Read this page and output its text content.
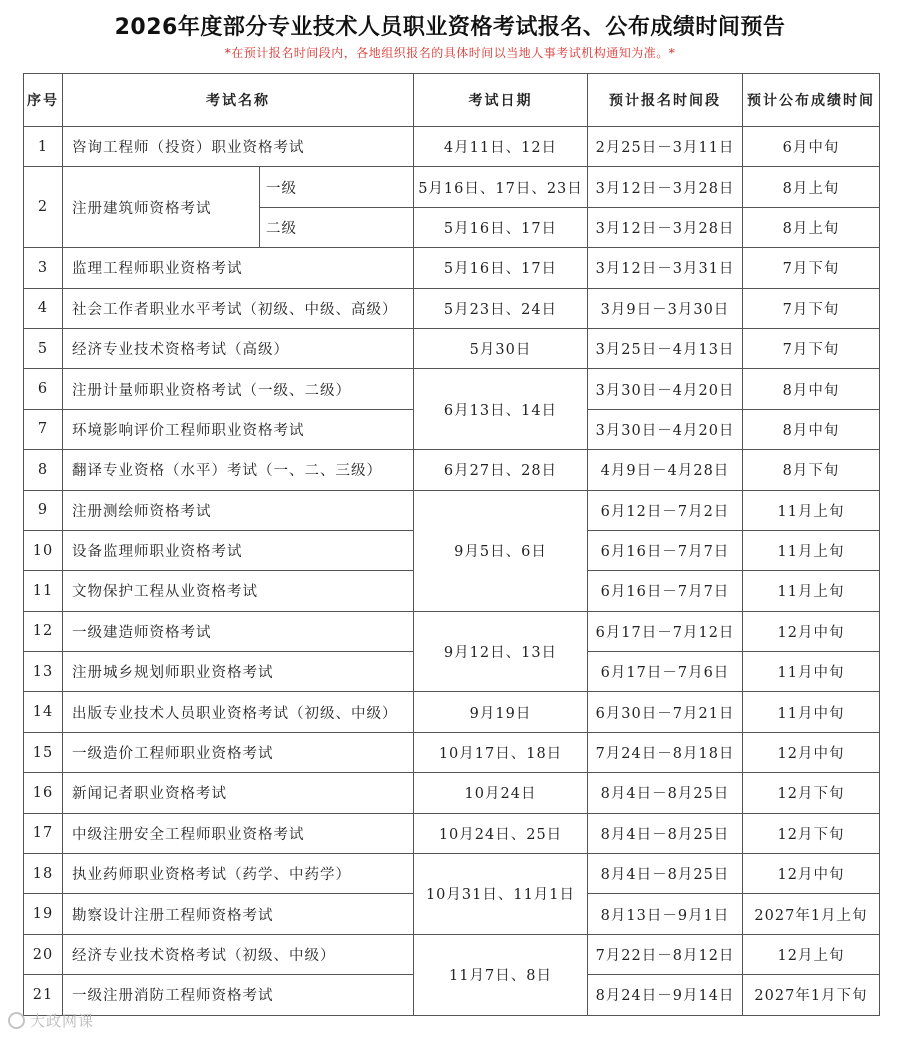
2026年度部分专业技术人员职业资格考试报名、公布成绩时间预告
*在预计报名时间段内，各地组织报名的具体时间以当地人事考试机构通知为准。*
序号	考试名称		考试日期	预计报名时间段	预计公布成绩时间
1	咨询工程师（投资）职业资格考试		4月11日、12日	2月25日－3月11日	6月中旬
2	注册建筑师资格考试	一级	5月16日、17日、23日	3月12日－3月28日	8月上旬
		二级	5月16日、17日	3月12日－3月28日	8月上旬
3	监理工程师职业资格考试		5月16日、17日	3月12日－3月31日	7月下旬
4	社会工作者职业水平考试（初级、中级、高级）		5月23日、24日	3月9日－3月30日	7月下旬
5	经济专业技术资格考试（高级）		5月30日	3月25日－4月13日	7月下旬
6	注册计量师职业资格考试（一级、二级）		6月13日、14日	3月30日－4月20日	8月中旬
7	环境影响评价工程师职业资格考试			3月30日－4月20日	8月中旬
8	翻译专业资格（水平）考试（一、二、三级）		6月27日、28日	4月9日－4月28日	8月下旬
9	注册测绘师资格考试		9月5日、6日	6月12日－7月2日	11月上旬
10	设备监理师职业资格考试			6月16日－7月7日	11月上旬
11	文物保护工程从业资格考试			6月16日－7月7日	11月上旬
12	一级建造师资格考试		9月12日、13日	6月17日－7月12日	12月中旬
13	注册城乡规划师职业资格考试			6月17日－7月6日	11月中旬
14	出版专业技术人员职业资格考试（初级、中级）		9月19日	6月30日－7月21日	11月中旬
15	一级造价工程师职业资格考试		10月17日、18日	7月24日－8月18日	12月中旬
16	新闻记者职业资格考试		10月24日	8月4日－8月25日	12月下旬
17	中级注册安全工程师职业资格考试		10月24日、25日	8月4日－8月25日	12月下旬
18	执业药师职业资格考试（药学、中药学）		10月31日、11月1日	8月4日－8月25日	12月中旬
19	勘察设计注册工程师资格考试			8月13日－9月1日	2027年1月上旬
20	经济专业技术资格考试（初级、中级）		11月7日、8日	7月22日－8月12日	12月上旬
21	一级注册消防工程师资格考试			8月24日－9月14日	2027年1月下旬
大政网课
